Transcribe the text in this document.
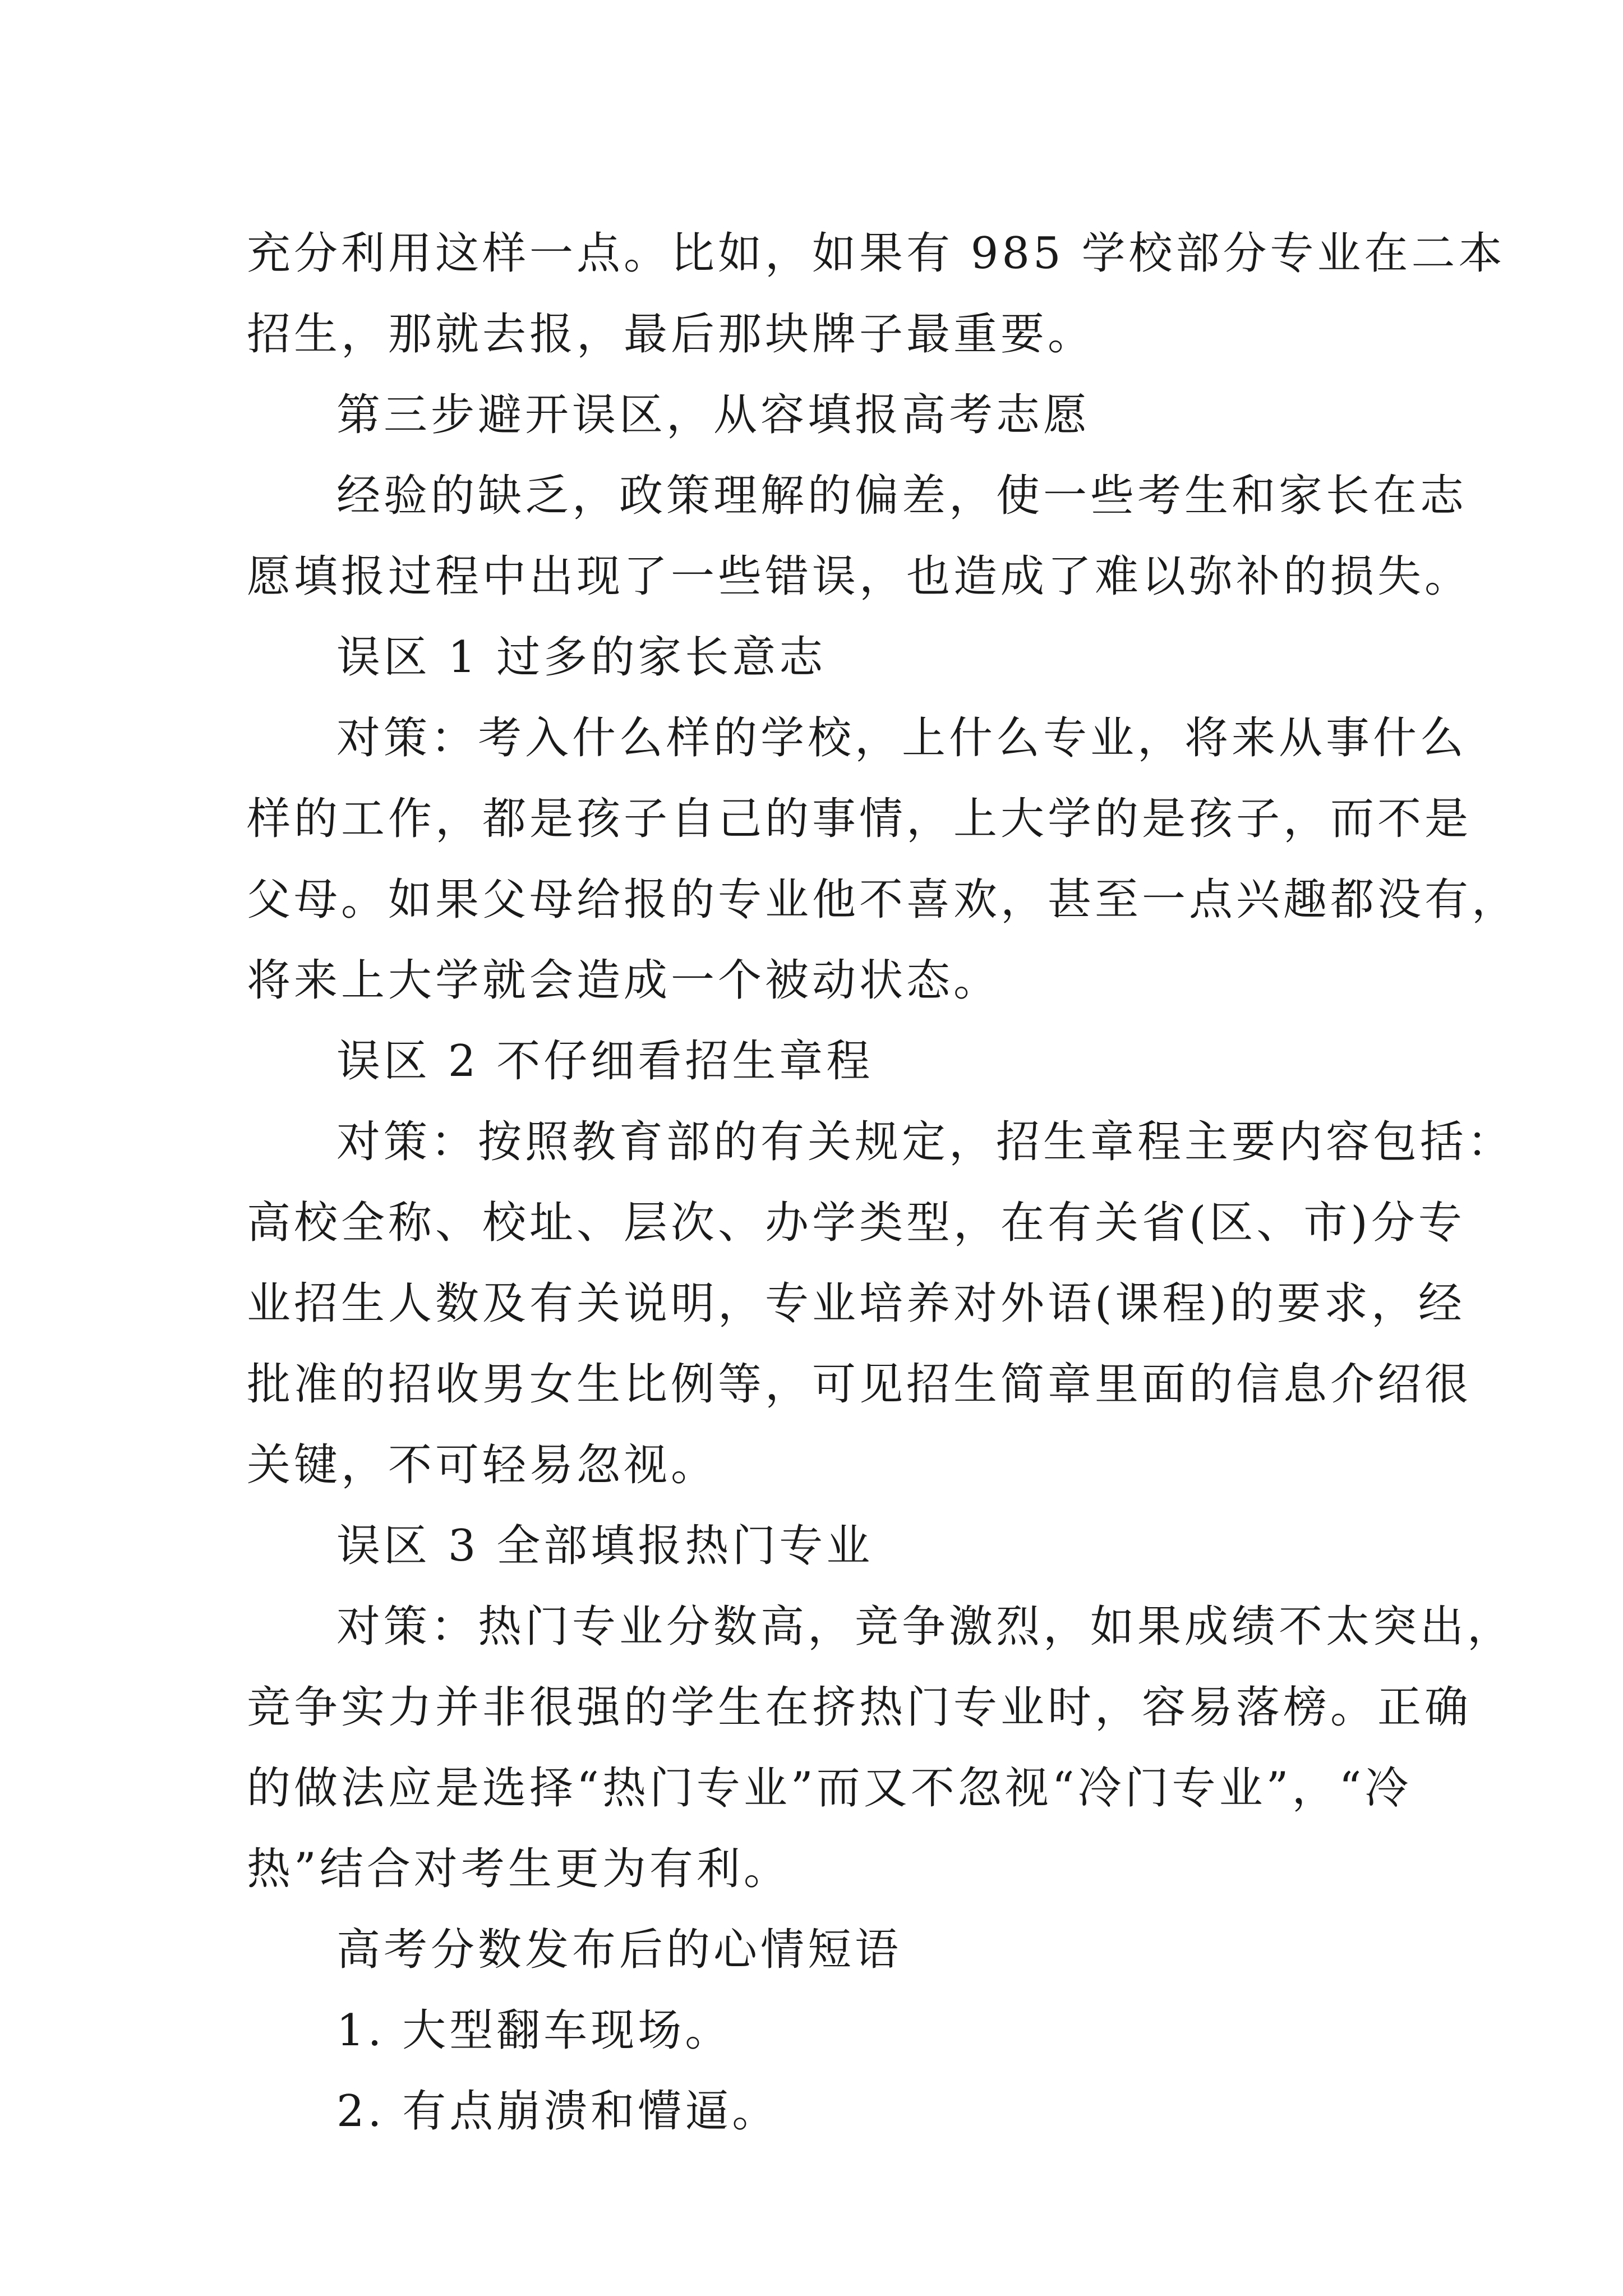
充分利用这样一点。比如，如果有 985 学校部分专业在二本
招生，那就去报，最后那块牌子最重要。
第三步避开误区，从容填报高考志愿
经验的缺乏，政策理解的偏差，使一些考生和家长在志
愿填报过程中出现了一些错误，也造成了难以弥补的损失。
误区 1 过多的家长意志
对策：考入什么样的学校，上什么专业，将来从事什么
样的工作，都是孩子自己的事情，上大学的是孩子，而不是
父母。如果父母给报的专业他不喜欢，甚至一点兴趣都没有，
将来上大学就会造成一个被动状态。
误区 2 不仔细看招生章程
对策：按照教育部的有关规定，招生章程主要内容包括：
高校全称、校址、层次、办学类型，在有关省(区、市)分专
业招生人数及有关说明，专业培养对外语(课程)的要求，经
批准的招收男女生比例等，可见招生简章里面的信息介绍很
关键，不可轻易忽视。
误区 3 全部填报热门专业
对策：热门专业分数高，竞争激烈，如果成绩不太突出，
竞争实力并非很强的学生在挤热门专业时，容易落榜。正确
的做法应是选择“热门专业”而又不忽视“冷门专业”，“冷
热”结合对考生更为有利。
高考分数发布后的心情短语
1. 大型翻车现场。
2. 有点崩溃和懵逼。
